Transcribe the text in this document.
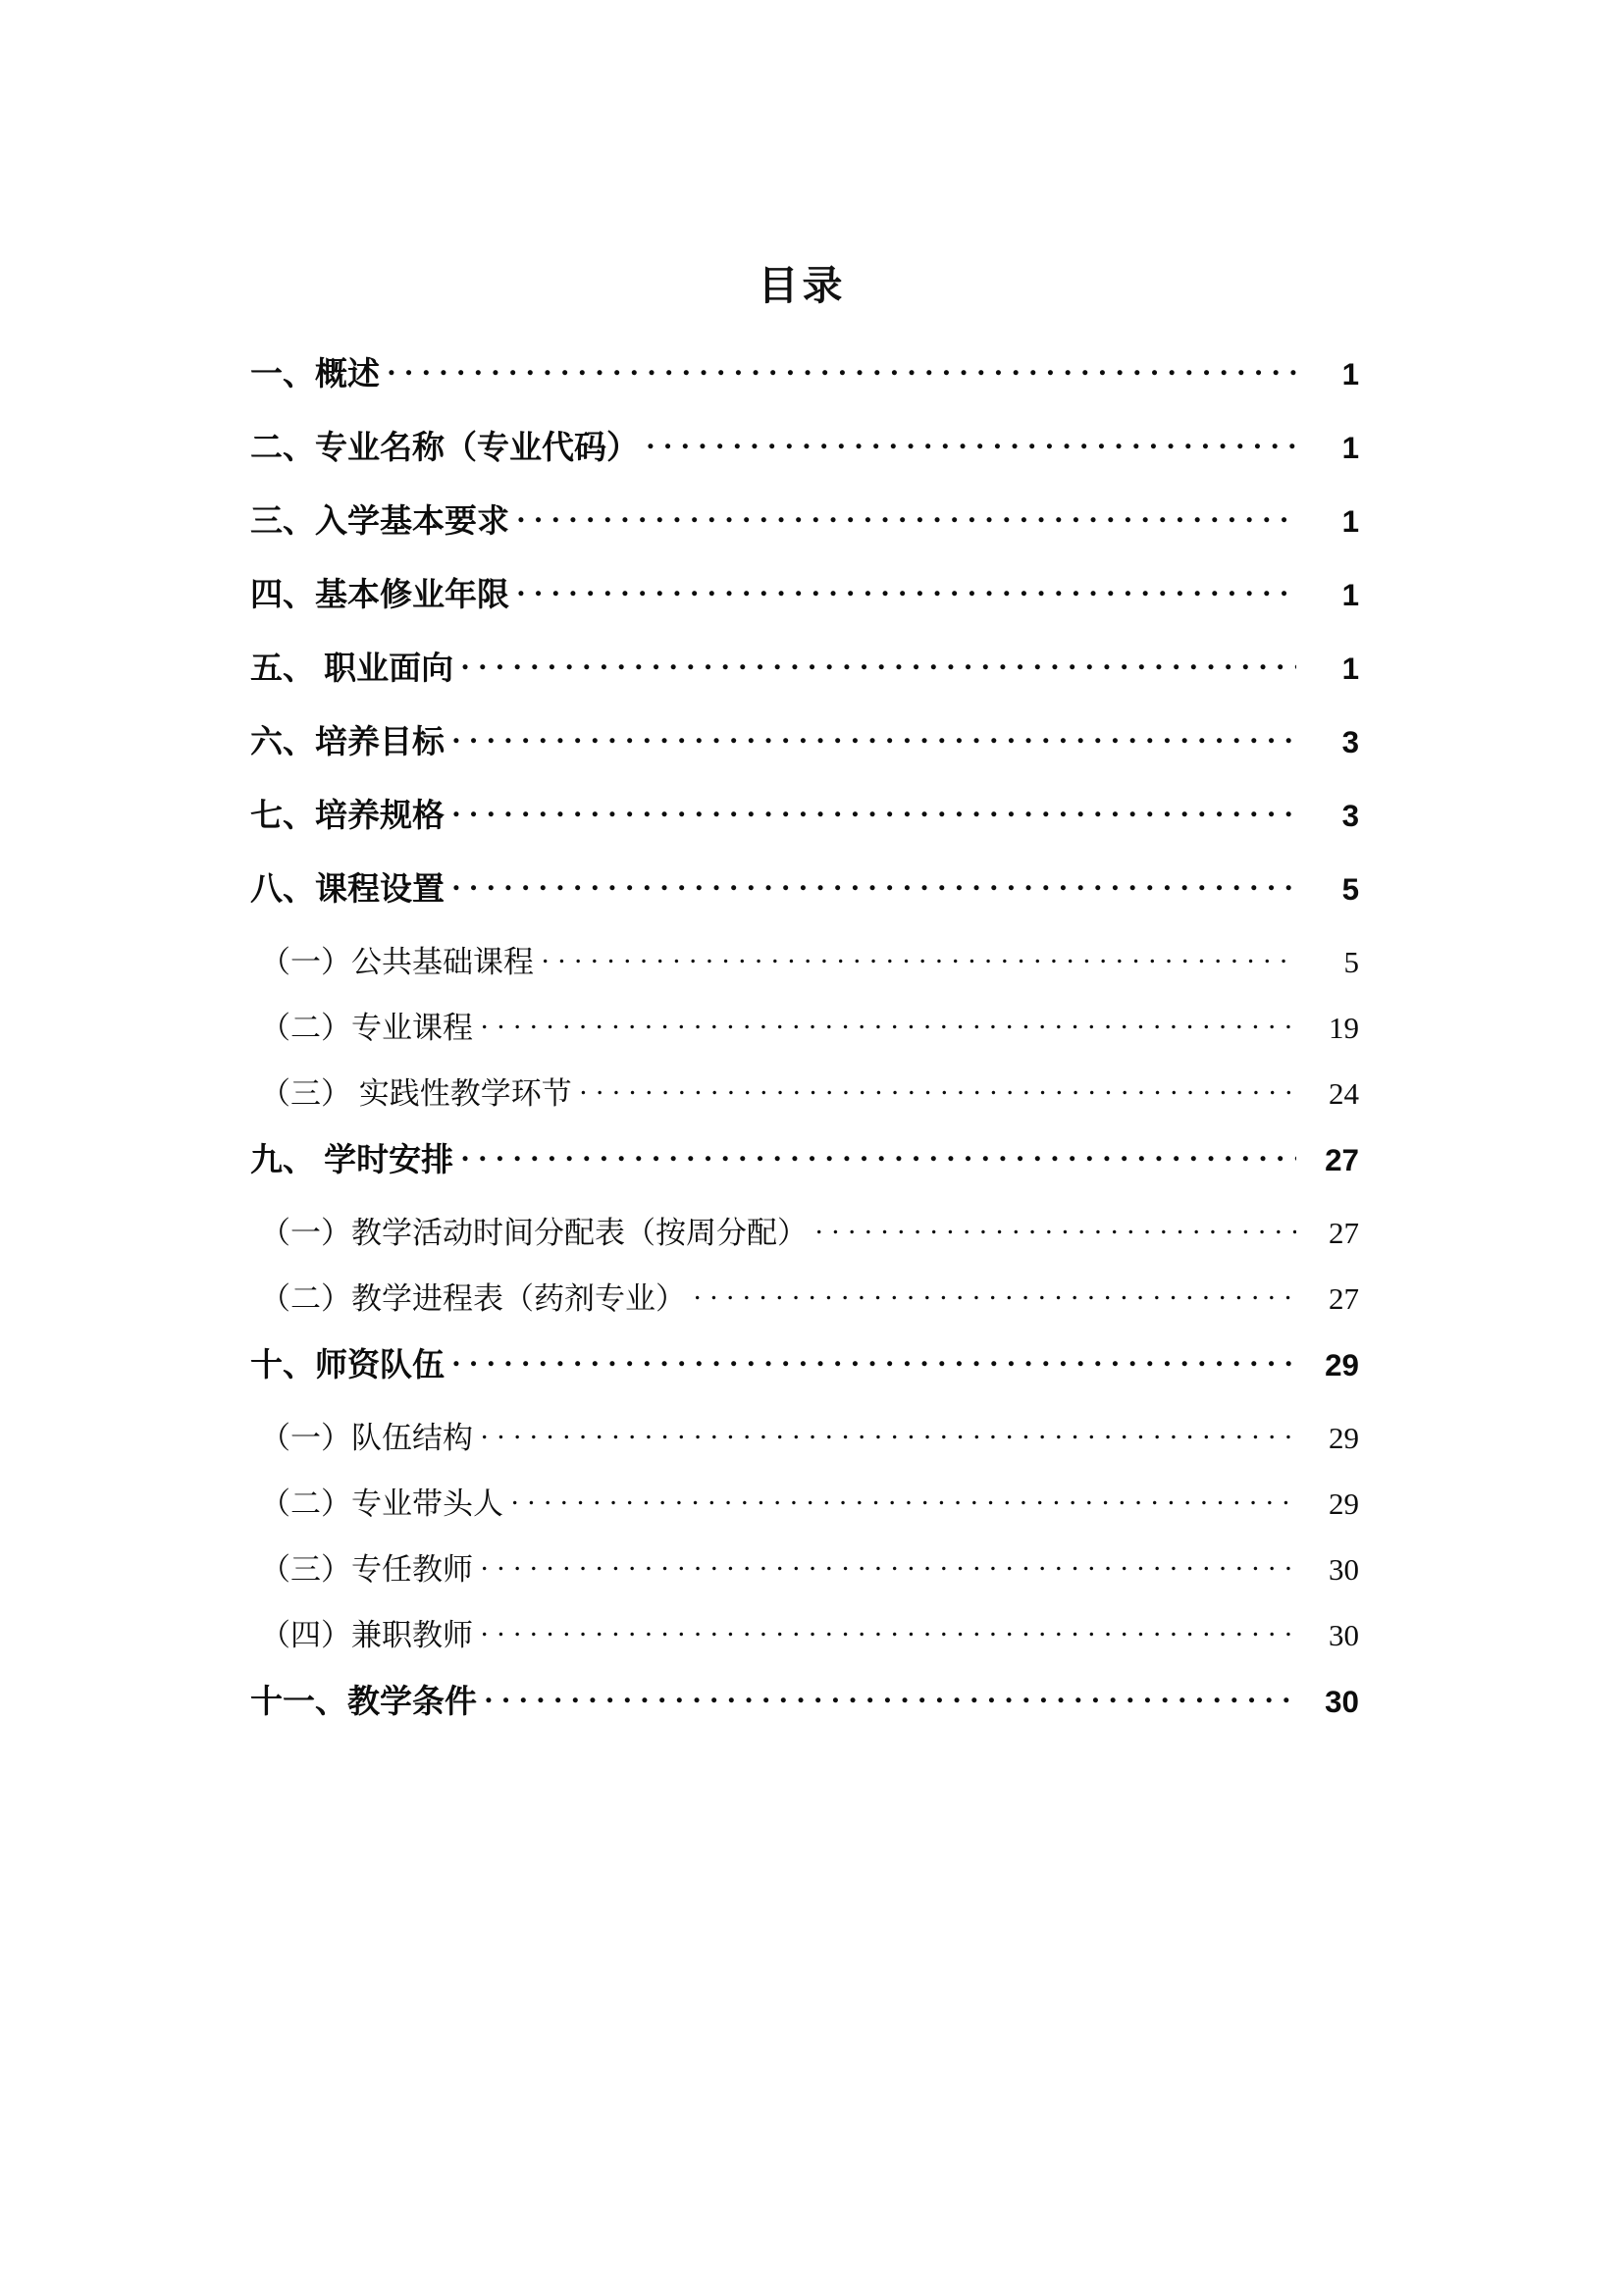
目录
一、概述 . . .	1
二、专业名称（专业代码） . . .	1
三、入学基本要求 . . .	1
四、基本修业年限 . . .	1
五、 职业面向 . . .	1
六、培养目标 . . .	3
七、培养规格 . . .	3
八、课程设置 . . .	5
（一）公共基础课程 . . .	5
（二）专业课程 . . .	19
（三） 实践性教学环节 . . .	24
九、 学时安排 . . .	27
（一）教学活动时间分配表（按周分配） . . .	27
（二）教学进程表（药剂专业） . . .	27
十、师资队伍 . . .	29
（一）队伍结构 . . .	29
（二）专业带头人 . . .	29
（三）专任教师 . . .	30
（四）兼职教师 . . .	30
十一、教学条件 . . .	30
